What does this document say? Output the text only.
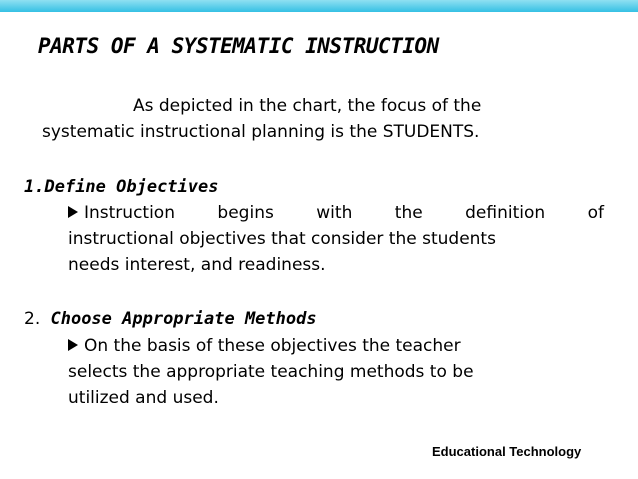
PARTS OF A SYSTEMATIC INSTRUCTION
As depicted in the chart, the focus of the
systematic instructional planning is the STUDENTS.
1.Define Objectives
Instruction begins with the definition of
instructional objectives that consider the students
needs interest, and readiness.
2. Choose Appropriate Methods
On the basis of these objectives the teacher
selects the appropriate teaching methods to be
utilized and used.
Educational Technology
